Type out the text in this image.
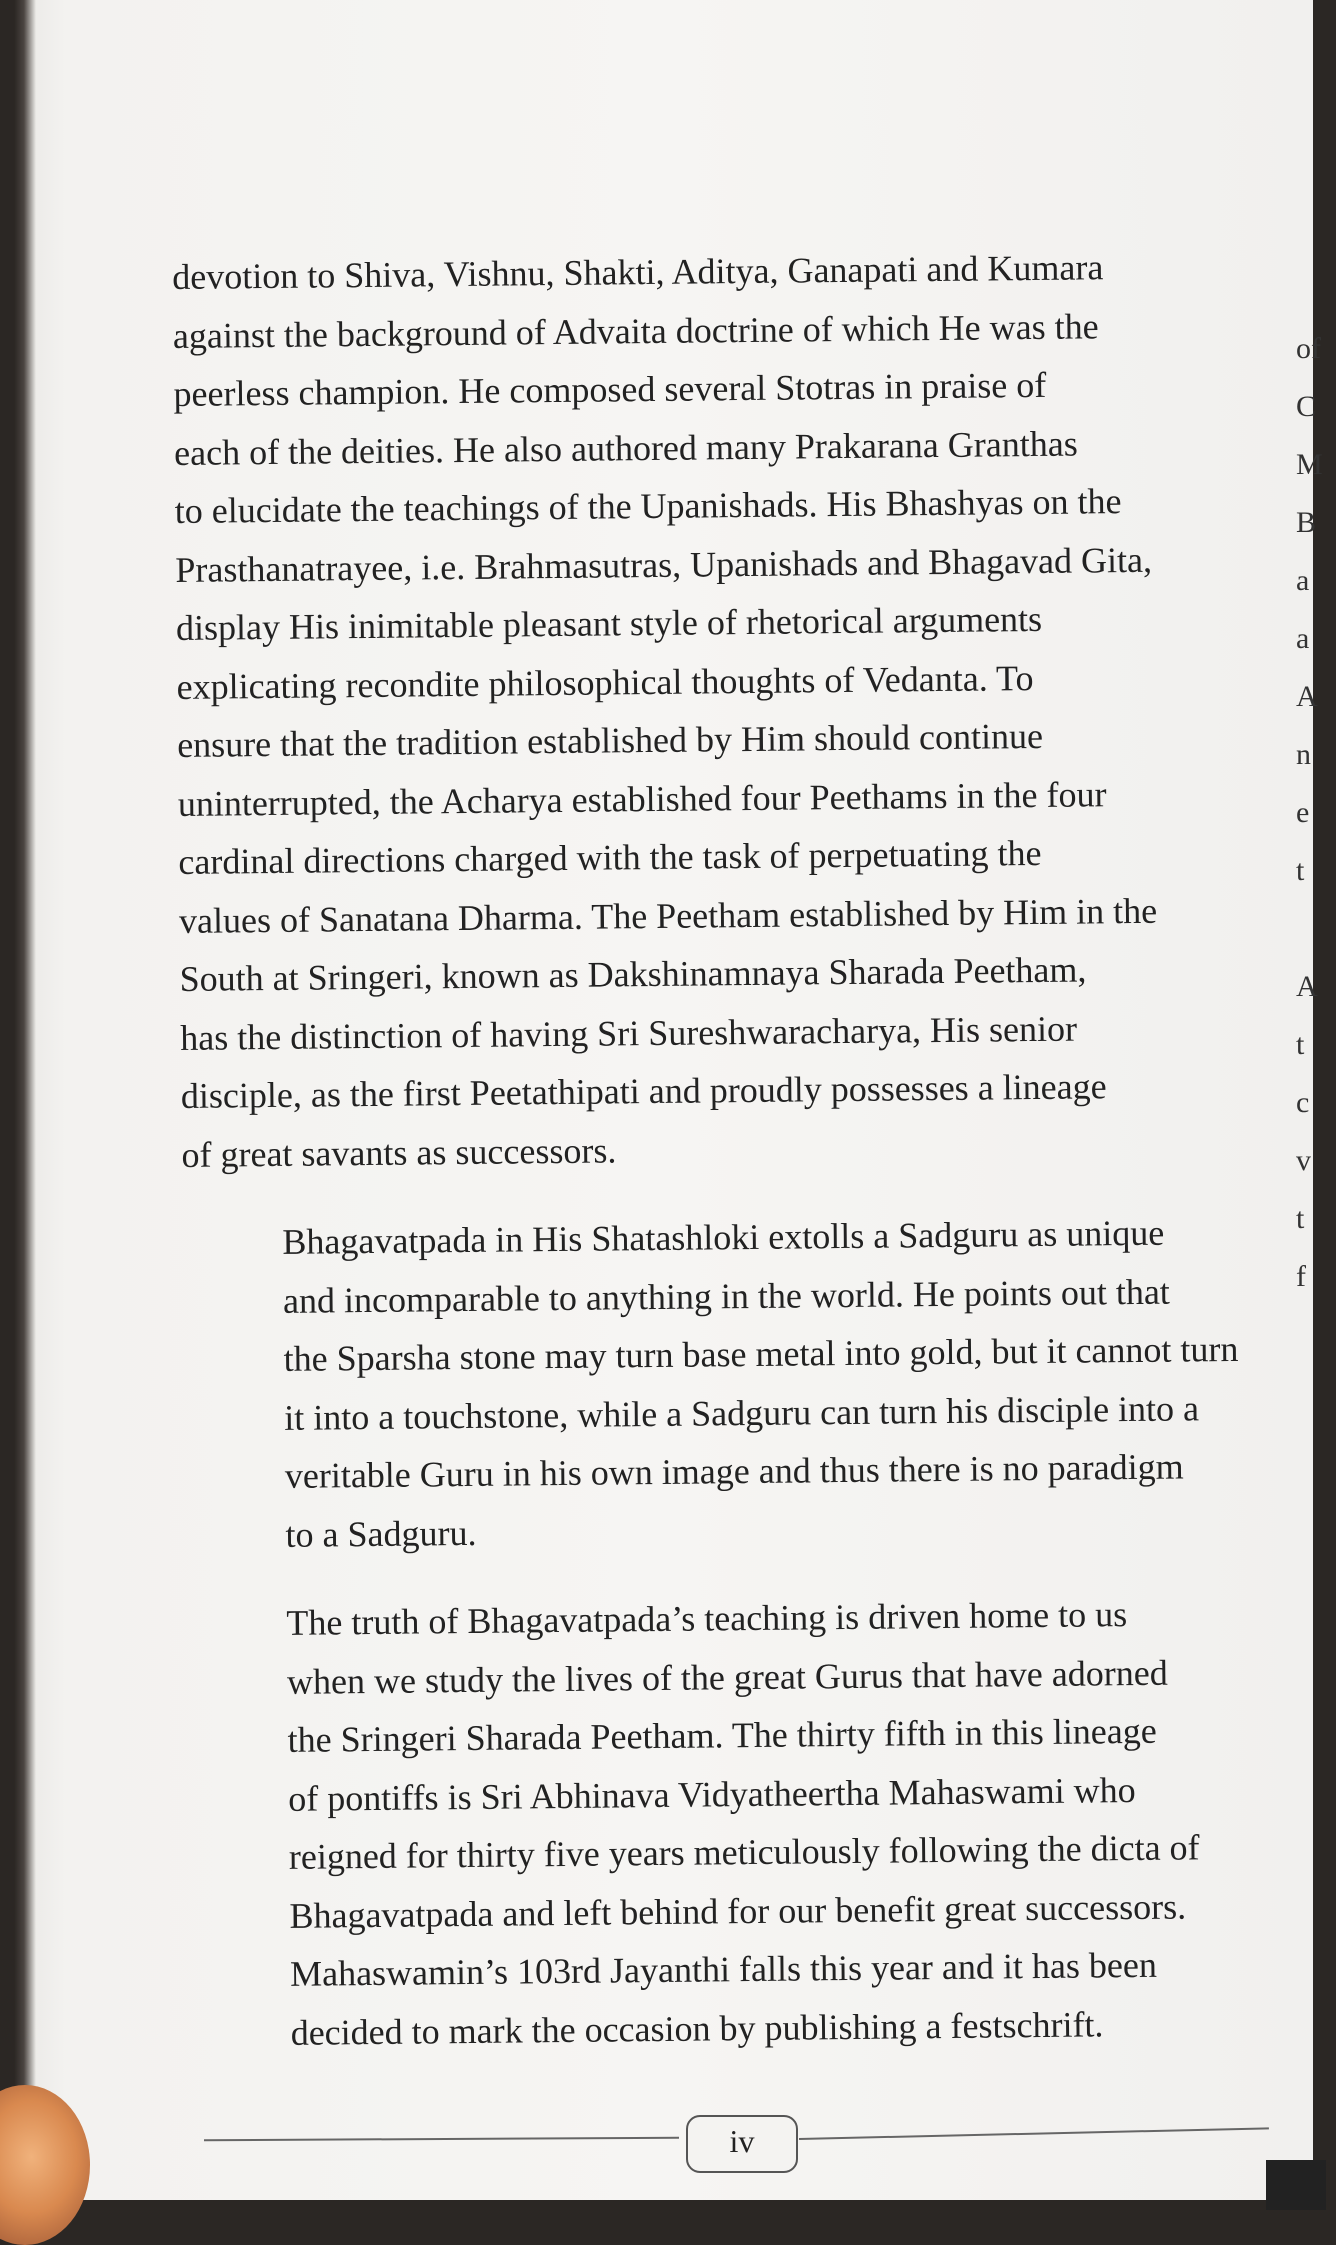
devotion to Shiva, Vishnu, Shakti, Aditya, Ganapati and Kumara
against the background of Advaita doctrine of which He was the
peerless champion. He composed several Stotras in praise of
each of the deities. He also authored many Prakarana Granthas
to elucidate the teachings of the Upanishads. His Bhashyas on the
Prasthanatrayee, i.e. Brahmasutras, Upanishads and Bhagavad Gita,
display His inimitable pleasant style of rhetorical arguments
explicating recondite philosophical thoughts of Vedanta. To
ensure that the tradition established by Him should continue
uninterrupted, the Acharya established four Peethams in the four
cardinal directions charged with the task of perpetuating the
values of Sanatana Dharma. The Peetham established by Him in the
South at Sringeri, known as Dakshinamnaya Sharada Peetham,
has the distinction of having Sri Sureshwaracharya, His senior
disciple, as the first Peetathipati and proudly possesses a lineage
of great savants as successors.

Bhagavatpada in His Shatashloki extolls a Sadguru as unique
and incomparable to anything in the world. He points out that
the Sparsha stone may turn base metal into gold, but it cannot turn
it into a touchstone, while a Sadguru can turn his disciple into a
veritable Guru in his own image and thus there is no paradigm
to a Sadguru.

The truth of Bhagavatpada’s teaching is driven home to us
when we study the lives of the great Gurus that have adorned
the Sringeri Sharada Peetham. The thirty fifth in this lineage
of pontiffs is Sri Abhinava Vidyatheertha Mahaswami who
reigned for thirty five years meticulously following the dicta of
Bhagavatpada and left behind for our benefit great successors.
Mahaswamin’s 103rd Jayanthi falls this year and it has been
decided to mark the occasion by publishing a festschrift.

of
C
M
B
a
a
A
n
e
t
A
t
c
v
t
f
iv
